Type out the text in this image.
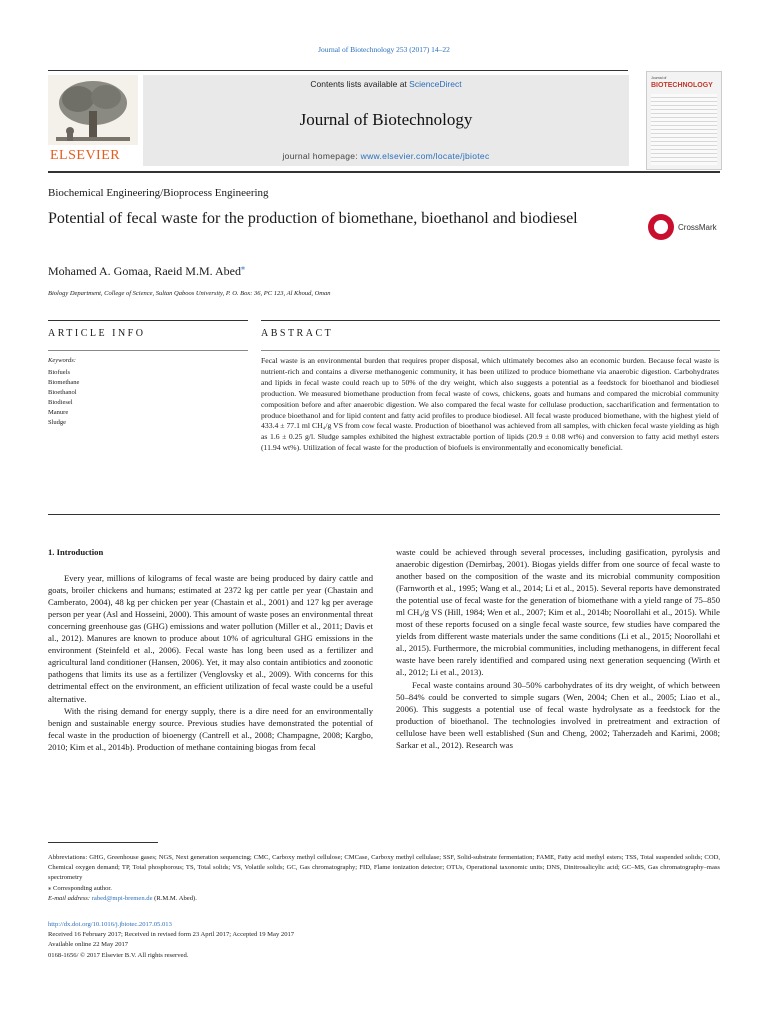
Journal of Biotechnology 253 (2017) 14–22
ELSEVIER
Contents lists available at ScienceDirect
Journal of Biotechnology
journal homepage: www.elsevier.com/locate/jbiotec
Journal of
BIOTECHNOLOGY
Biochemical Engineering/Bioprocess Engineering
Potential of fecal waste for the production of biomethane, bioethanol and biodiesel
CrossMark
Mohamed A. Gomaa, Raeid M.M. Abed⁎
Biology Department, College of Science, Sultan Qaboos University, P. O. Box: 36, PC 123, Al Khoud, Oman
ARTICLE INFO	ABSTRACT
Keywords:
Biofuels
Biomethane
Bioethanol
Biodiesel
Manure
Sludge

Fecal waste is an environmental burden that requires proper disposal, which ultimately becomes also an economic burden. Because fecal waste is nutrient-rich and contains a diverse methanogenic community, it has been utilized to produce biomethane via anaerobic digestion. Carbohydrates and lipids in fecal waste could reach up to 50% of the dry weight, which also suggests a potential as a feedstock for bioethanol and biodiesel production. We measured biomethane production from fecal waste of cows, chickens, goats and humans and compared the microbial community composition before and after anaerobic digestion. We also compared the fecal waste for cellulase production, saccharification and fermentation to produce bioethanol and for lipid content and fatty acid profiles to produce biodiesel. All fecal waste produced biomethane, with the highest yield of 433.4 ± 77.1 ml CH₄/g VS from cow fecal waste. Production of bioethanol was achieved from all samples, with chicken fecal waste yielding as high as 1.6 ± 0.25 g/l. Sludge samples exhibited the highest extractable portion of lipids (20.9 ± 0.08 wt%) and conversion to fatty acid methyl esters (11.94 wt%). Utilization of fecal waste for the production of biofuels is environmentally and economically beneficial.

1. Introduction

Every year, millions of kilograms of fecal waste are being produced by dairy cattle and goats, broiler chickens and humans; estimated at 2372 kg per cattle per year (Chastain and Camberato, 2004), 48 kg per chicken per year (Chastain et al., 2001) and 127 kg per average person per year (Asl and Hosseini, 2000). This amount of waste poses an environmental threat concerning greenhouse gas (GHG) emissions and water pollution (Miller et al., 2011; Davis et al., 2012). Manures are known to produce about 10% of agricultural GHG emissions in the environment (Steinfeld et al., 2006). Fecal waste has long been used as a fertilizer and agricultural land conditioner (Hansen, 2006). Yet, it may also contain antibiotics and zoonotic pathogens that limits its use as a fertilizer (Venglovsky et al., 2009). With concerns for this detrimental effect on the environment, an efficient utilization of fecal waste could be a useful alternative.

With the rising demand for energy supply, there is a dire need for an environmentally benign and sustainable energy source. Previous studies have demonstrated the potential of fecal waste in the production of bioenergy (Cantrell et al., 2008; Champagne, 2008; Kargbo, 2010; Kim et al., 2014b). Production of methane containing biogas from fecal

waste could be achieved through several processes, including gasification, pyrolysis and anaerobic digestion (Demirbaş, 2001). Biogas yields differ from one source of fecal waste to another based on the composition of the waste and its microbial community composition (Farnworth et al., 1995; Wang et al., 2014; Li et al., 2015). Several reports have demonstrated the potential use of fecal waste for the generation of biomethane with a yield range of 75–850 ml CH₄/g VS (Hill, 1984; Wen et al., 2007; Kim et al., 2014b; Noorollahi et al., 2015). While most of these reports focused on a single fecal waste source, few studies have compared the yields from different waste materials under the same conditions (Li et al., 2015; Noorollahi et al., 2015). Furthermore, the microbial communities, including methanogens, in different fecal waste have been rarely identified and compared using next generation sequencing (Wirth et al., 2012; Li et al., 2013).

Fecal waste contains around 30–50% carbohydrates of its dry weight, of which between 50–84% could be converted to simple sugars (Wen, 2004; Chen et al., 2005; Liao et al., 2006). This suggests a potential use of fecal waste hydrolysate as a feedstock for the production of bioethanol. The technologies involved in pretreatment and extraction of cellulose have been well established (Sun and Cheng, 2002; Taherzadeh and Karimi, 2008; Sarkar et al., 2012). Research was

Abbreviations: GHG, Greenhouse gases; NGS, Next generation sequencing; CMC, Carboxy methyl cellulose; CMCase, Carboxy methyl cellulase; SSF, Solid-substrate fermentation; FAME, Fatty acid methyl esters; TSS, Total suspended solids; COD, Chemical oxygen demand; TP, Total phosphorous; TS, Total solids; VS, Volatile solids; GC, Gas chromatography; FID, Flame ionization detector; OTUs, Operational taxonomic units; DNS, Dinitrosalicylic acid; GC–MS, Gas chromatography–mass spectrometry

⁎ Corresponding author.

E-mail address: rabed@mpi-bremen.de (R.M.M. Abed).

http://dx.doi.org/10.1016/j.jbiotec.2017.05.013

Received 16 February 2017; Received in revised form 23 April 2017; Accepted 19 May 2017

Available online 22 May 2017

0168-1656/ © 2017 Elsevier B.V. All rights reserved.
